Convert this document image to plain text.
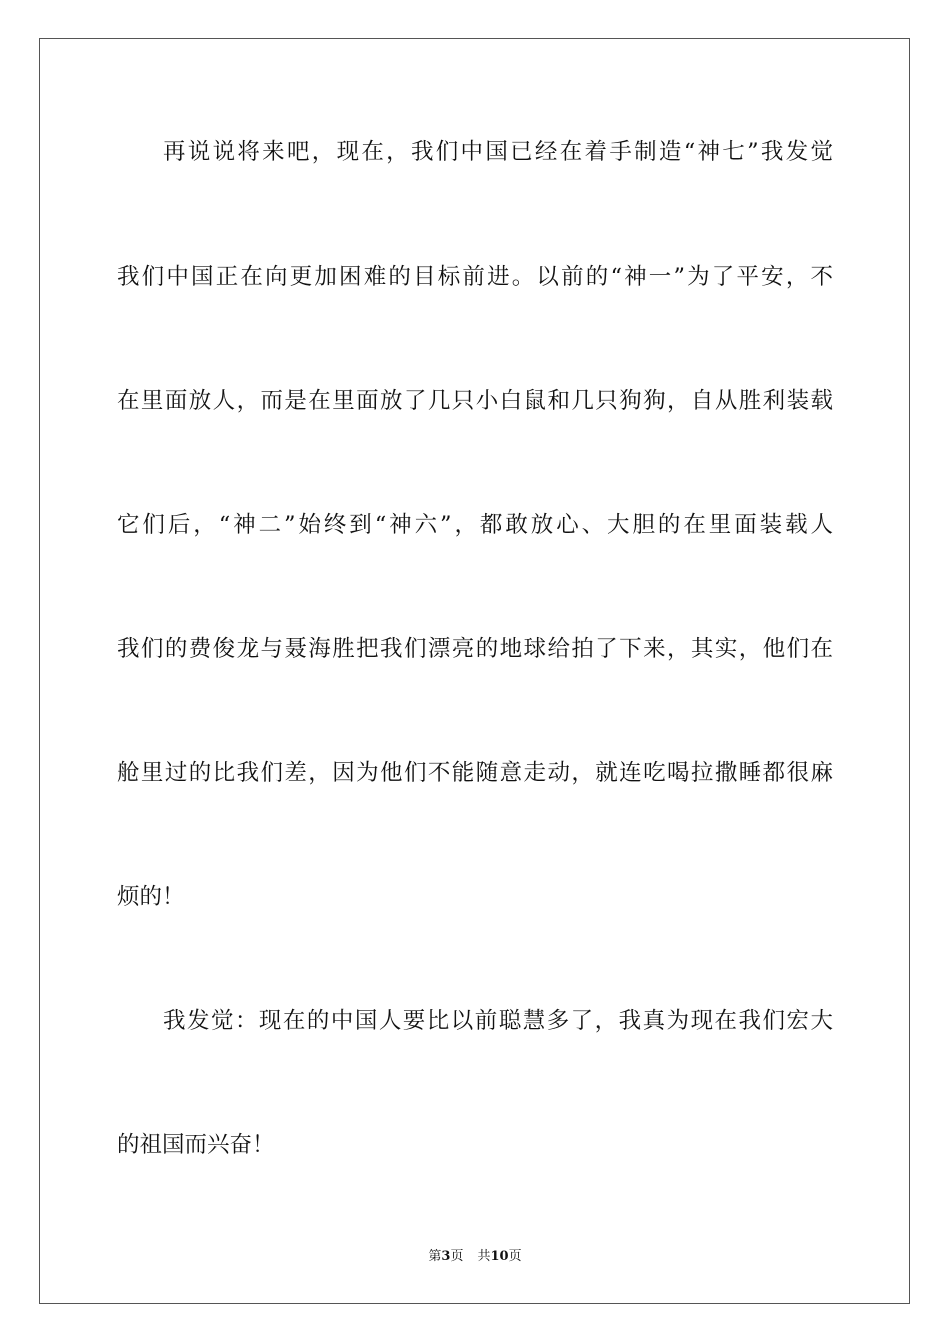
再说说将来吧，现在，我们中国已经在着手制造“神七”我发觉
我们中国正在向更加困难的目标前进。以前的“神一”为了平安，不
在里面放人，而是在里面放了几只小白鼠和几只狗狗，自从胜利装载
它们后，“神二”始终到“神六”，都敢放心、大胆的在里面装载人
我们的费俊龙与聂海胜把我们漂亮的地球给拍了下来，其实，他们在
舱里过的比我们差，因为他们不能随意走动，就连吃喝拉撒睡都很麻
烦的！
我发觉：现在的中国人要比以前聪慧多了，我真为现在我们宏大
的祖国而兴奋！
第3页 共10页
